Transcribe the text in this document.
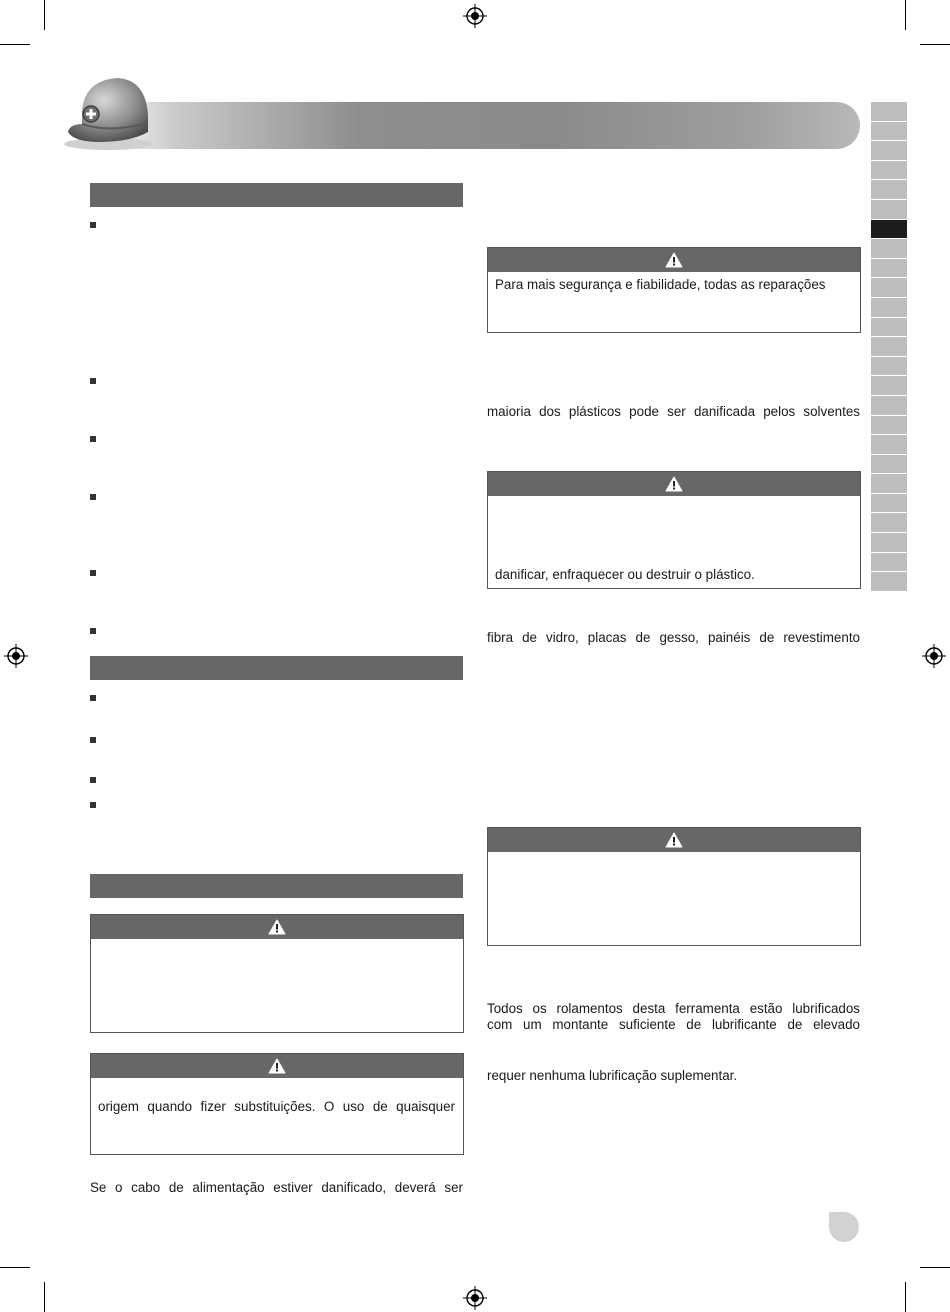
origem quando fizer substituições. O uso de quaisquer
Se o cabo de alimentação estiver danificado, deverá ser
Para mais segurança e fiabilidade, todas as reparações
maioria dos plásticos pode ser danificada pelos solventes
danificar, enfraquecer ou destruir o plástico.
fibra de vidro, placas de gesso, painéis de revestimento
Todos os rolamentos desta ferramenta estão lubrificados
com um montante suficiente de lubrificante de elevado
requer nenhuma lubrificação suplementar.
